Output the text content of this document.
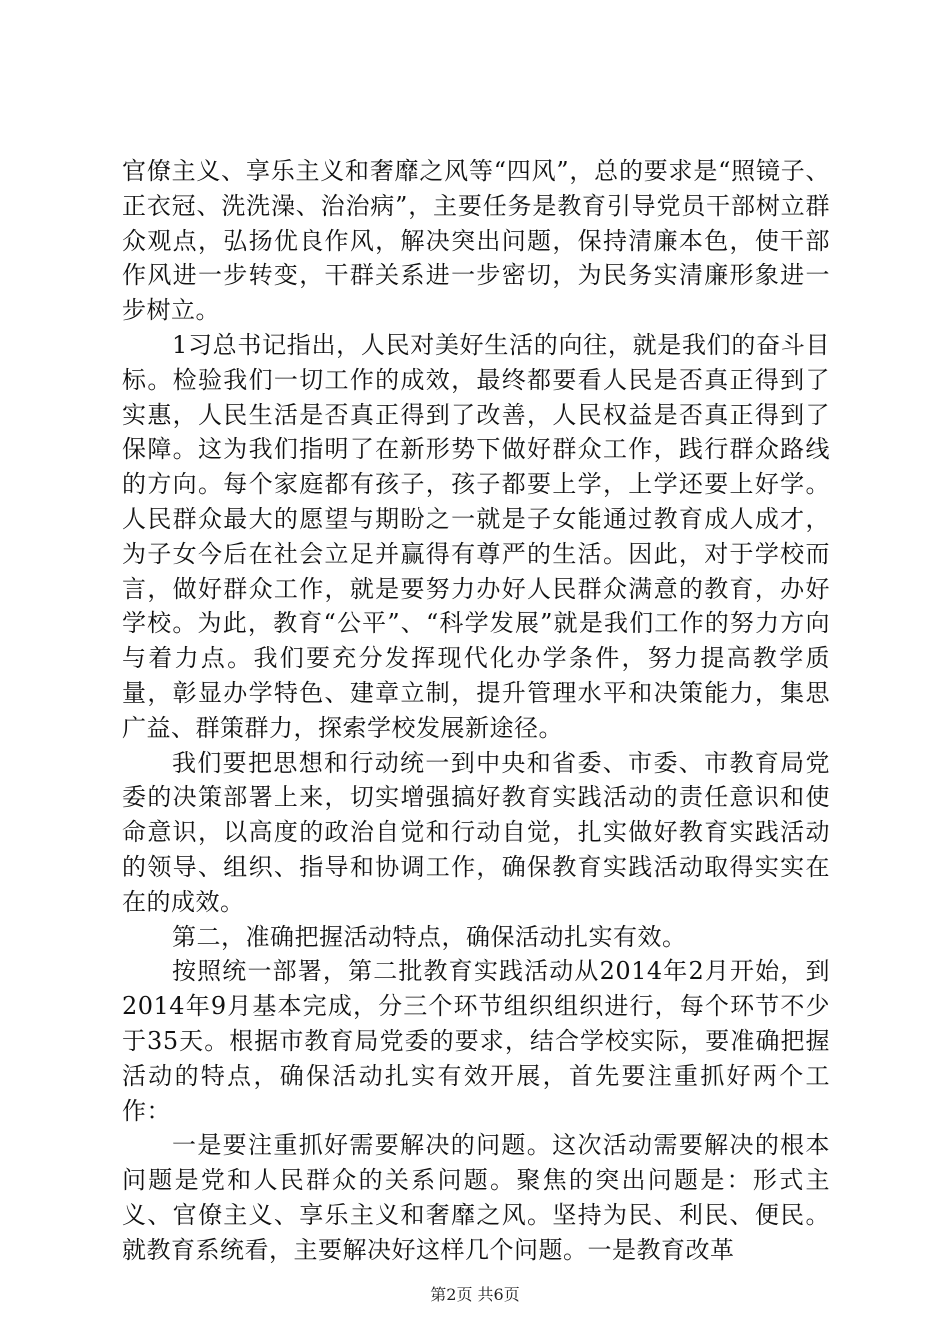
官僚主义、享乐主义和奢靡之风等“四风”，总的要求是“照镜子、正衣冠、洗洗澡、治治病”，主要任务是教育引导党员干部树立群众观点，弘扬优良作风，解决突出问题，保持清廉本色，使干部作风进一步转变，干群关系进一步密切，为民务实清廉形象进一步树立。

1习总书记指出，人民对美好生活的向往，就是我们的奋斗目标。检验我们一切工作的成效，最终都要看人民是否真正得到了实惠，人民生活是否真正得到了改善，人民权益是否真正得到了保障。这为我们指明了在新形势下做好群众工作，践行群众路线的方向。每个家庭都有孩子，孩子都要上学，上学还要上好学。人民群众最大的愿望与期盼之一就是子女能通过教育成人成才，为子女今后在社会立足并赢得有尊严的生活。因此，对于学校而言，做好群众工作，就是要努力办好人民群众满意的教育，办好学校。为此，教育“公平”、“科学发展”就是我们工作的努力方向与着力点。我们要充分发挥现代化办学条件，努力提高教学质量，彰显办学特色、建章立制，提升管理水平和决策能力，集思广益、群策群力，探索学校发展新途径。

我们要把思想和行动统一到中央和省委、市委、市教育局党委的决策部署上来，切实增强搞好教育实践活动的责任意识和使命意识，以高度的政治自觉和行动自觉，扎实做好教育实践活动的领导、组织、指导和协调工作，确保教育实践活动取得实实在在的成效。

第二，准确把握活动特点，确保活动扎实有效。

按照统一部署，第二批教育实践活动从2014年2月开始，到2014年9月基本完成，分三个环节组织组织进行，每个环节不少于35天。根据市教育局党委的要求，结合学校实际，要准确把握活动的特点，确保活动扎实有效开展，首先要注重抓好两个工作：

一是要注重抓好需要解决的问题。这次活动需要解决的根本问题是党和人民群众的关系问题。聚焦的突出问题是：形式主义、官僚主义、享乐主义和奢靡之风。坚持为民、利民、便民。就教育系统看，主要解决好这样几个问题。一是教育改革

第2页 共6页
